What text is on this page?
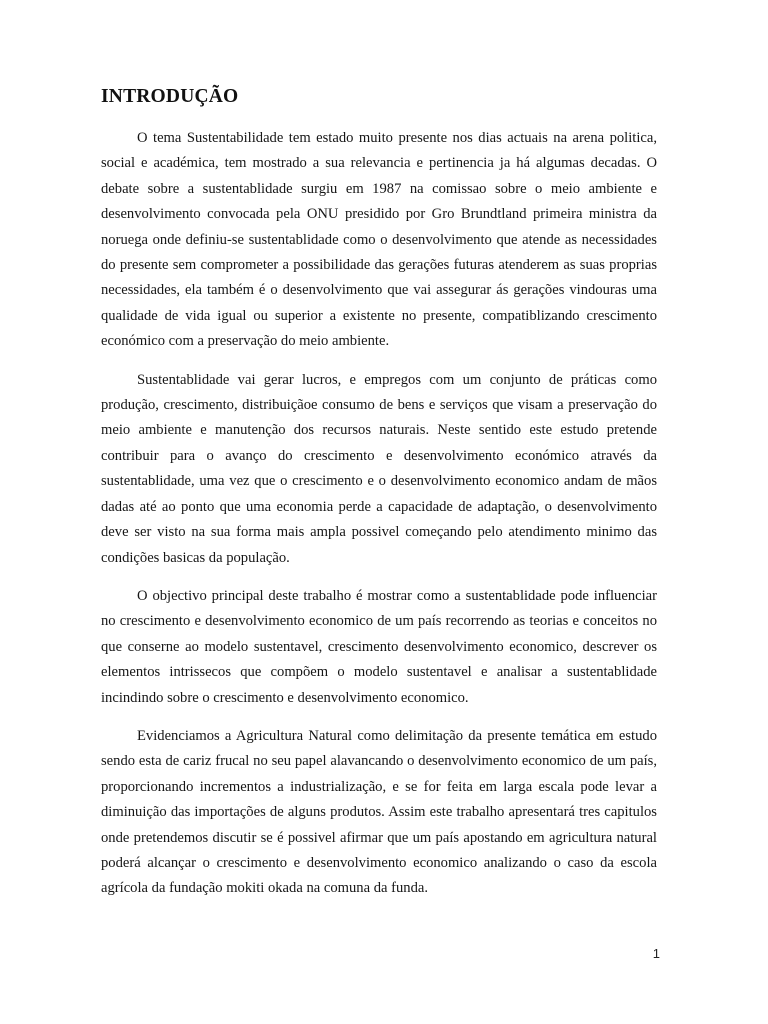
INTRODUÇÃO

O tema Sustentabilidade tem estado muito presente nos dias actuais na arena politica, social e académica, tem mostrado a sua relevancia e pertinencia ja há algumas decadas. O debate sobre a sustentablidade surgiu em 1987 na comissao sobre o meio ambiente e desenvolvimento convocada pela ONU presidido por Gro Brundtland primeira ministra da noruega onde definiu-se sustentablidade como o desenvolvimento que atende as necessidades do presente sem comprometer a possibilidade das gerações futuras atenderem as suas proprias necessidades, ela também é o desenvolvimento que vai assegurar ás gerações vindouras uma qualidade de vida igual ou superior a existente no presente, compatiblizando crescimento económico com a preservação do meio ambiente.

Sustentablidade vai gerar lucros, e empregos com um conjunto de práticas como produção, crescimento, distribuiçãoe consumo de bens e serviços que visam a preservação do meio ambiente e manutenção dos recursos naturais. Neste sentido este estudo pretende contribuir para o avanço do crescimento e desenvolvimento económico através da sustentablidade, uma vez que o crescimento e o desenvolvimento economico andam de mãos dadas até ao ponto que uma economia perde a capacidade de adaptação, o desenvolvimento deve ser visto na sua forma mais ampla possivel começando pelo atendimento minimo das condições basicas da população.

O objectivo principal deste trabalho é mostrar como a sustentablidade pode influenciar no crescimento e desenvolvimento economico de um país recorrendo as teorias e conceitos no que conserne ao modelo sustentavel, crescimento desenvolvimento economico, descrever os elementos intrissecos que compõem o modelo sustentavel e analisar a sustentablidade incindindo sobre o crescimento e desenvolvimento economico.

Evidenciamos a Agricultura Natural como delimitação da presente temática em estudo sendo esta de cariz frucal no seu papel alavancando o desenvolvimento economico de um país, proporcionando incrementos a industrialização, e se for feita em larga escala pode levar a diminuição das importações de alguns produtos. Assim este trabalho apresentará tres capitulos onde pretendemos discutir se é possivel afirmar que um país apostando em agricultura natural poderá alcançar o crescimento e desenvolvimento economico analizando o caso da escola agrícola da fundação mokiti okada na comuna da funda.

1
